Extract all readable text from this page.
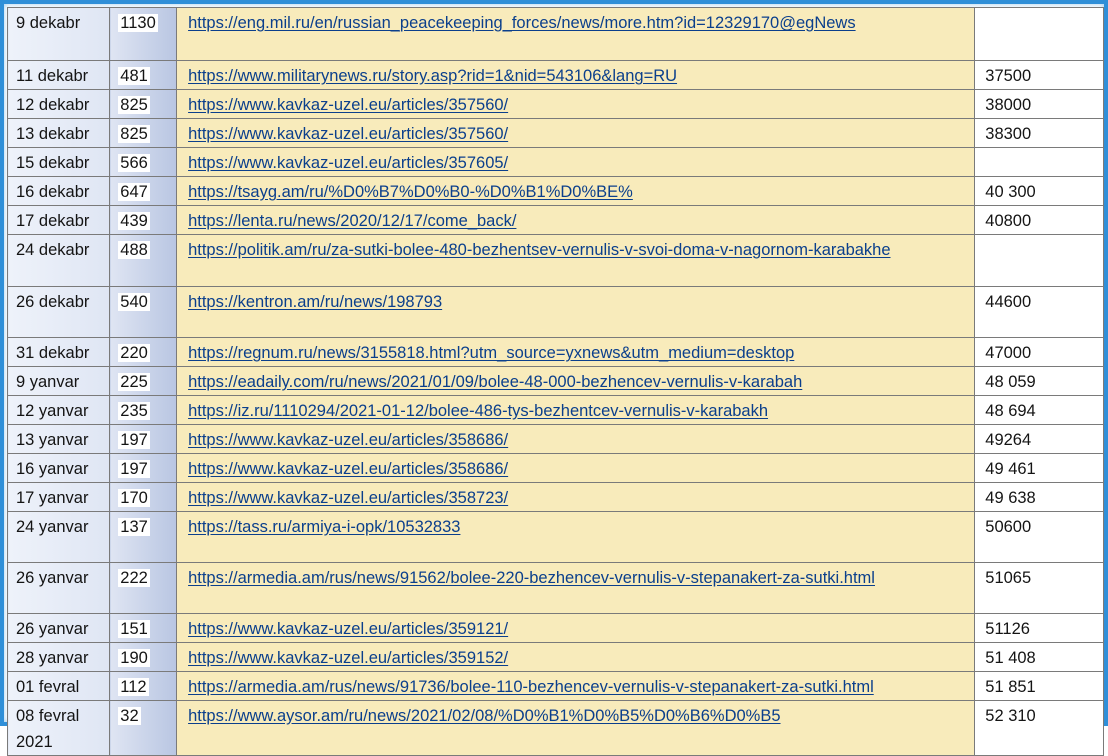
9 dekabr	1130	https://eng.mil.ru/en/russian_peacekeeping_forces/news/more.htm?id=12329170@egNews	
11 dekabr	481	https://www.militarynews.ru/story.asp?rid=1&nid=543106&lang=RU	37500
12 dekabr	825	https://www.kavkaz-uzel.eu/articles/357560/	38000
13 dekabr	825	https://www.kavkaz-uzel.eu/articles/357560/	38300
15 dekabr	566	https://www.kavkaz-uzel.eu/articles/357605/	
16 dekabr	647	https://tsayg.am/ru/%D0%B7%D0%B0-%D0%B1%D0%BE%	40 300
17 dekabr	439	https://lenta.ru/news/2020/12/17/come_back/	40800
24 dekabr	488	https://politik.am/ru/za-sutki-bolee-480-bezhentsev-vernulis-v-svoi-doma-v-nagornom-karabakhe	
26 dekabr	540	https://kentron.am/ru/news/198793	44600
31 dekabr	220	https://regnum.ru/news/3155818.html?utm_source=yxnews&utm_medium=desktop	47000
9 yanvar	225	https://eadaily.com/ru/news/2021/01/09/bolee-48-000-bezhencev-vernulis-v-karabah	48 059
12 yanvar	235	https://iz.ru/1110294/2021-01-12/bolee-486-tys-bezhentcev-vernulis-v-karabakh	48 694
13 yanvar	197	https://www.kavkaz-uzel.eu/articles/358686/	49264
16 yanvar	197	https://www.kavkaz-uzel.eu/articles/358686/	49 461
17 yanvar	170	https://www.kavkaz-uzel.eu/articles/358723/	49 638
24 yanvar	137	https://tass.ru/armiya-i-opk/10532833	50600
26 yanvar	222	https://armedia.am/rus/news/91562/bolee-220-bezhencev-vernulis-v-stepanakert-za-sutki.html	51065
26 yanvar	151	https://www.kavkaz-uzel.eu/articles/359121/	51126
28 yanvar	190	https://www.kavkaz-uzel.eu/articles/359152/	51 408
01 fevral	112	https://armedia.am/rus/news/91736/bolee-110-bezhencev-vernulis-v-stepanakert-za-sutki.html	51 851
08 fevral 2021	32	https://www.aysor.am/ru/news/2021/02/08/%D0%B1%D0%B5%D0%B6%D0%B5	52 310
